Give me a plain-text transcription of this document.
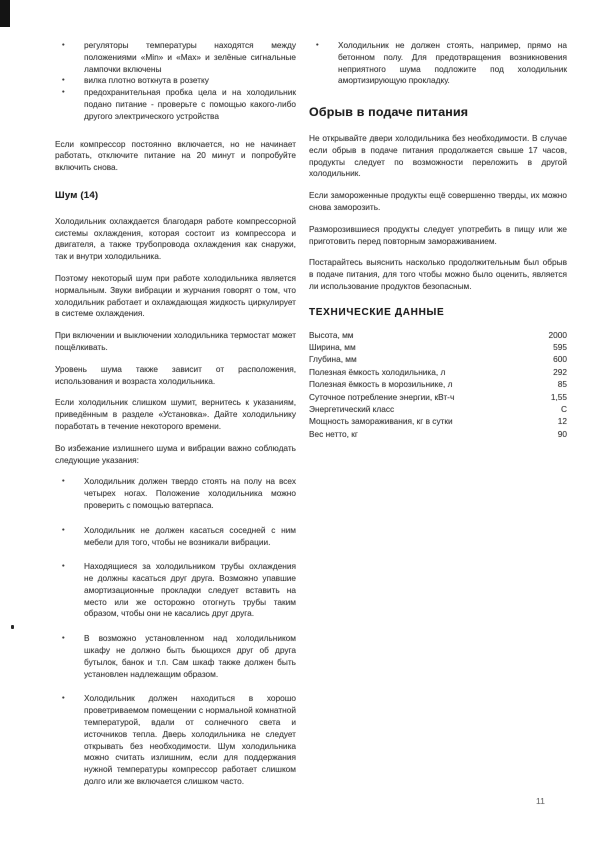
• регуляторы температуры находятся между положениями «Min» и «Max» и зелёные сигнальные лампочки включены
• вилка плотно воткнута в розетку
• предохранительная пробка цела и на холодильник подано питание - проверьте с помощью какого-либо другого электрического устройства

Если компрессор постоянно включается, но не начинает работать, отключите питание на 20 минут и попробуйте включить снова.

Шум (14)

Холодильник охлаждается благодаря работе компрессорной системы охлаждения, которая состоит из компрессора и двигателя, а также трубопровода охлаждения как снаружи, так и внутри холодильника.

Поэтому некоторый шум при работе холодильника является нормальным. Звуки вибрации и журчания говорят о том, что холодильник работает и охлаждающая жидкость циркулирует в системе охлаждения.

При включении и выключении холодильника термостат может пощёлкивать.

Уровень шума также зависит от расположения, использования и возраста холодильника.

Если холодильник слишком шумит, вернитесь к указаниям, приведённым в разделе «Установка». Дайте холодильнику поработать в течение некоторого времени.

Во избежание излишнего шума и вибрации важно соблюдать следующие указания:

• Холодильник должен твердо стоять на полу на всех четырех ногах. Положение холодильника можно проверить с помощью ватерпаса.
• Холодильник не должен касаться соседней с ним мебели для того, чтобы не возникали вибрации.
• Находящиеся за холодильником трубы охлаждения не должны касаться друг друга. Возможно упавшие амортизационные прокладки следует вставить на место или же осторожно отогнуть трубы таким образом, чтобы они не касались друг друга.
• В возможно установленном над холодильником шкафу не должно быть бьющихся друг об друга бутылок, банок и т.п. Сам шкаф также должен быть установлен надлежащим образом.
• Холодильник должен находиться в хорошо проветриваемом помещении с нормальной комнатной температурой, вдали от солнечного света и источников тепла. Дверь холодильника не следует открывать без необходимости. Шум холодильника можно считать излишним, если для поддержания нужной температуры компрессор работает слишком долго или же включается слишком часто.
• Холодильник не должен стоять, например, прямо на бетонном полу. Для предотвращения возникновения неприятного шума подложите под холодильник амортизирующую прокладку.
Обрыв в подаче питания

Не открывайте двери холодильника без необходимости. В случае если обрыв в подаче питания продолжается свыше 17 часов, продукты следует по возможности переложить в другой холодильник.

Если замороженные продукты ещё совершенно тверды, их можно снова заморозить.

Разморозившиеся продукты следует употребить в пищу или же приготовить перед повторным замораживанием.

Постарайтесь выяснить насколько продолжительным был обрыв в подаче питания, для того чтобы можно было оценить, является ли использование продуктов безопасным.

ТЕХНИЧЕСКИЕ ДАННЫЕ
Высота, мм	2000
Ширина, мм	595
Глубина, мм	600
Полезная ёмкость холодильника, л	292
Полезная ёмкость в морозильнике, л	85
Суточное потребление энергии, кВт-ч	1,55
Энергетический класс	C
Мощность замораживания, кг в сутки	12
Вес нетто, кг	90
11
